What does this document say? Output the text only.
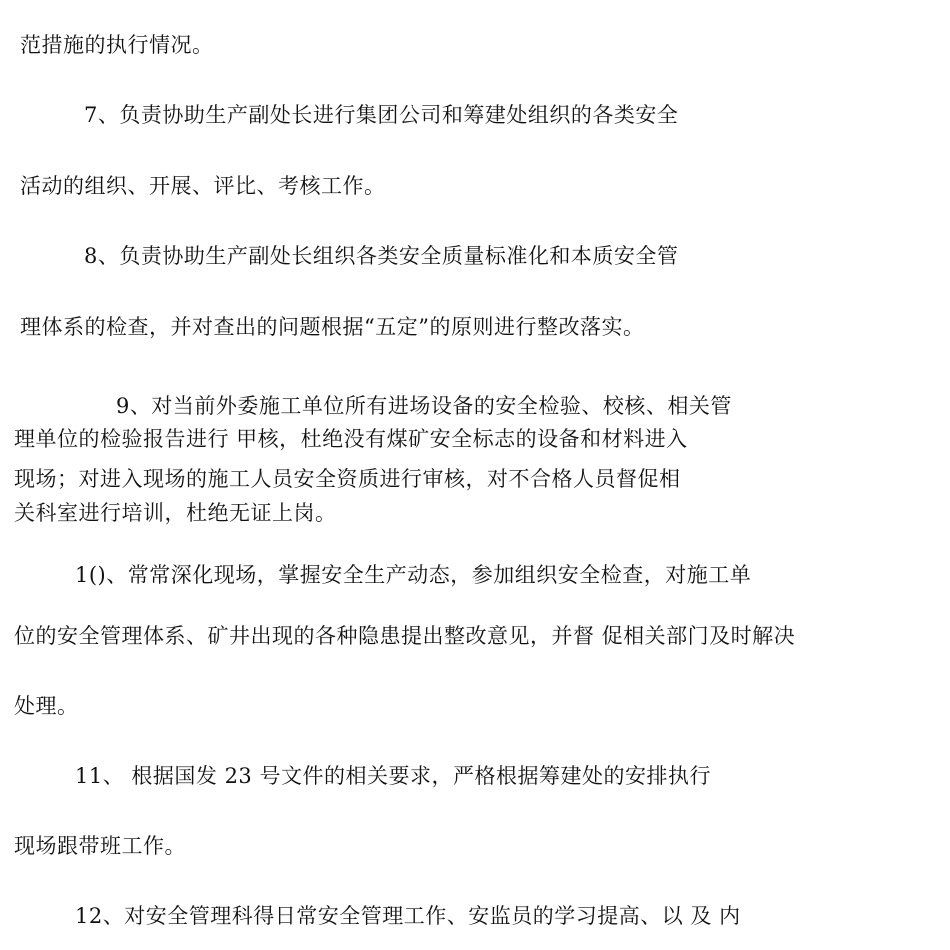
范措施的执行情况。
7、负责协助生产副处长进行集团公司和筹建处组织的各类安全
活动的组织、开展、评比、考核工作。
8、负责协助生产副处长组织各类安全质量标准化和本质安全管
理体系的检查，并对查出的问题根据“五定”的原则进行整改落实。
9、对当前外委施工单位所有进场设备的安全检验、校核、相关管
理单位的检验报告进行 甲核，杜绝没有煤矿安全标志的设备和材料进入
现场；对进入现场的施工人员安全资质进行审核，对不合格人员督促相
关科室进行培训，杜绝无证上岗。
1()、常常深化现场，掌握安全生产动态，参加组织安全检查，对施工单
位的安全管理体系、矿井出现的各种隐患提出整改意见，并督 促相关部门及时解决
处理。
11、 根据国发 23 号文件的相关要求，严格根据筹建处的安排执行
现场跟带班工作。
12、对安全管理科得日常安全管理工作、安监员的学习提高、以 及 内
